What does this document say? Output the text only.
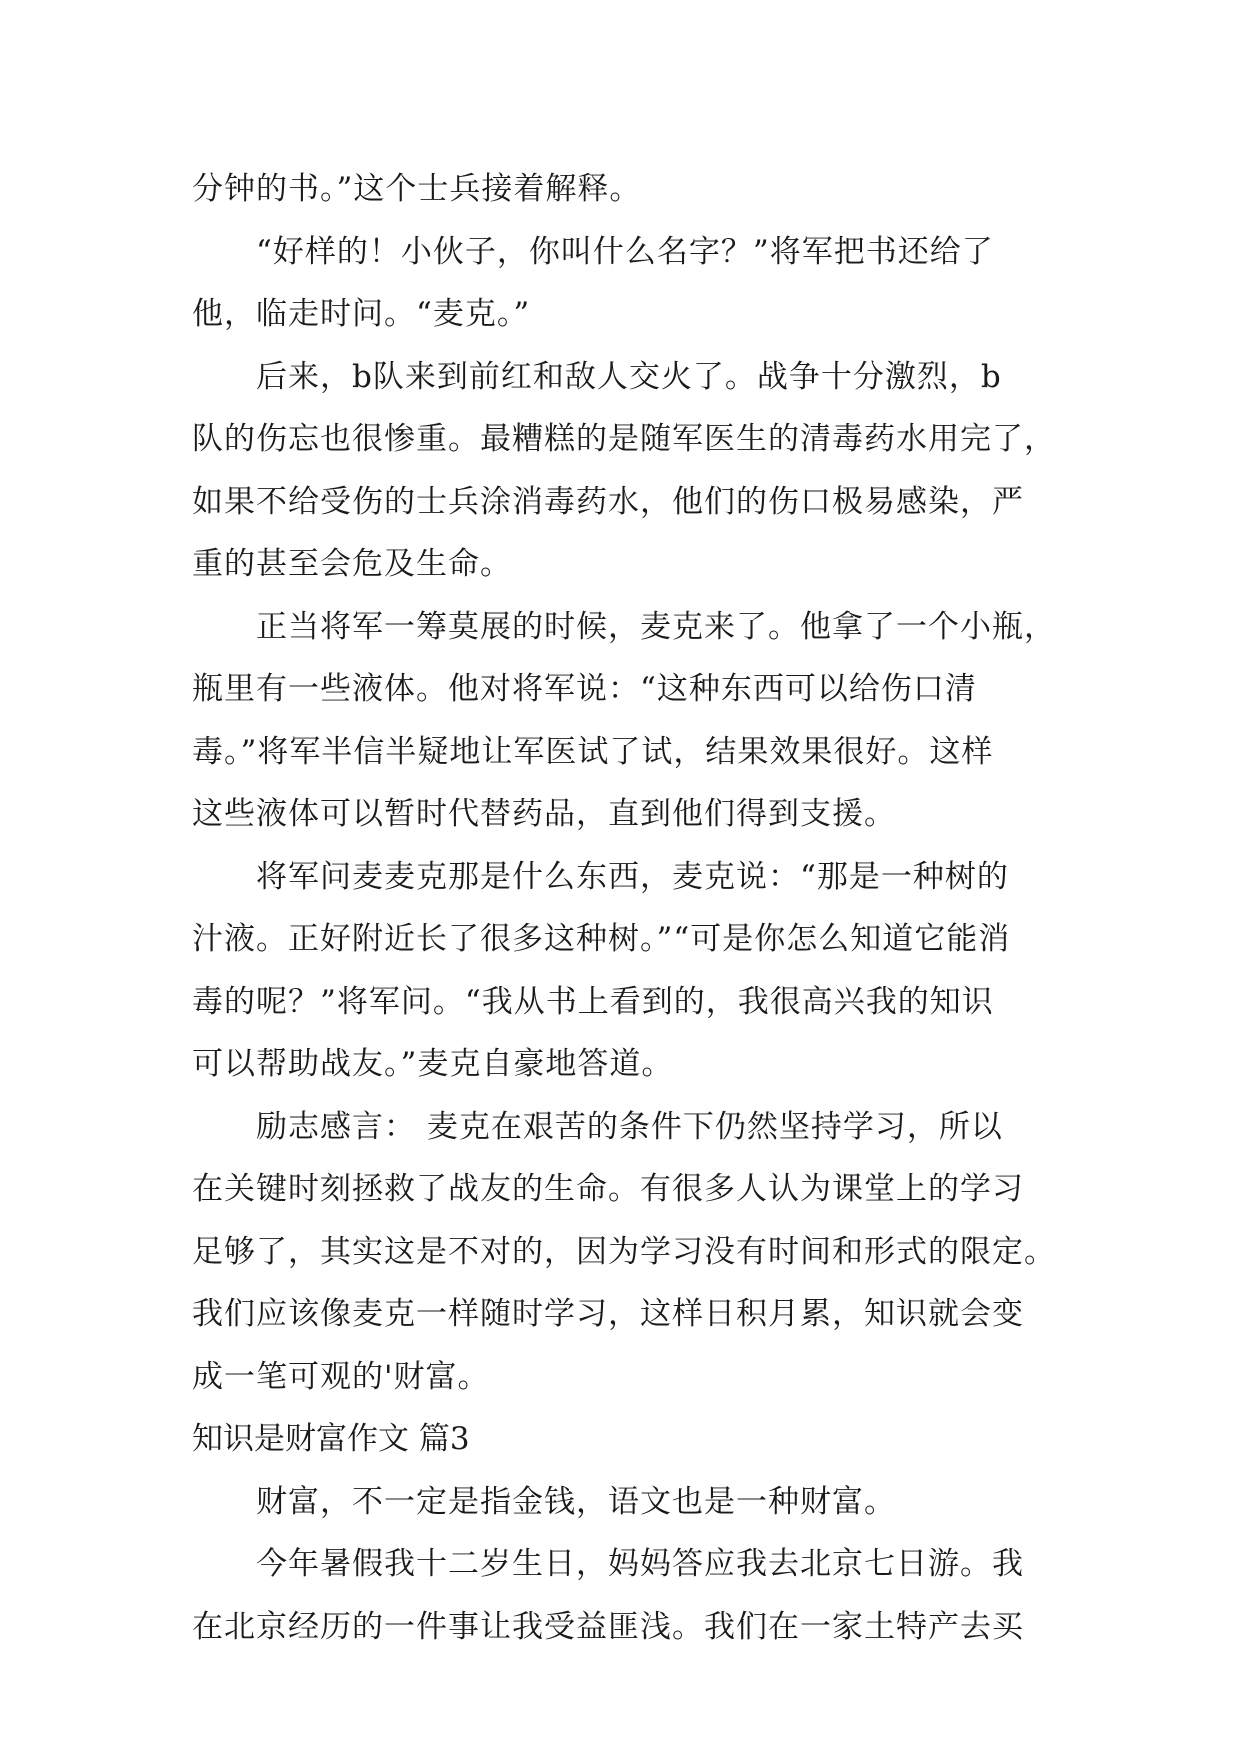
分钟的书。”这个士兵接着解释。
“好样的！小伙子，你叫什么名字？”将军把书还给了
他，临走时问。“麦克。”
后来，b队来到前红和敌人交火了。战争十分激烈，b
队的伤忘也很惨重。最糟糕的是随军医生的清毒药水用完了，
如果不给受伤的士兵涂消毒药水，他们的伤口极易感染，严
重的甚至会危及生命。
正当将军一筹莫展的时候，麦克来了。他拿了一个小瓶，
瓶里有一些液体。他对将军说：“这种东西可以给伤口清
毒。”将军半信半疑地让军医试了试，结果效果很好。这样
这些液体可以暂时代替药品，直到他们得到支援。
将军问麦麦克那是什么东西，麦克说：“那是一种树的
汁液。正好附近长了很多这种树。”“可是你怎么知道它能消
毒的呢？”将军问。“我从书上看到的，我很高兴我的知识
可以帮助战友。”麦克自豪地答道。
励志感言： 麦克在艰苦的条件下仍然坚持学习，所以
在关键时刻拯救了战友的生命。有很多人认为课堂上的学习
足够了，其实这是不对的，因为学习没有时间和形式的限定。
我们应该像麦克一样随时学习，这样日积月累，知识就会变
成一笔可观的'财富。
知识是财富作文 篇3
财富，不一定是指金钱，语文也是一种财富。
今年暑假我十二岁生日，妈妈答应我去北京七日游。我
在北京经历的一件事让我受益匪浅。我们在一家土特产去买
